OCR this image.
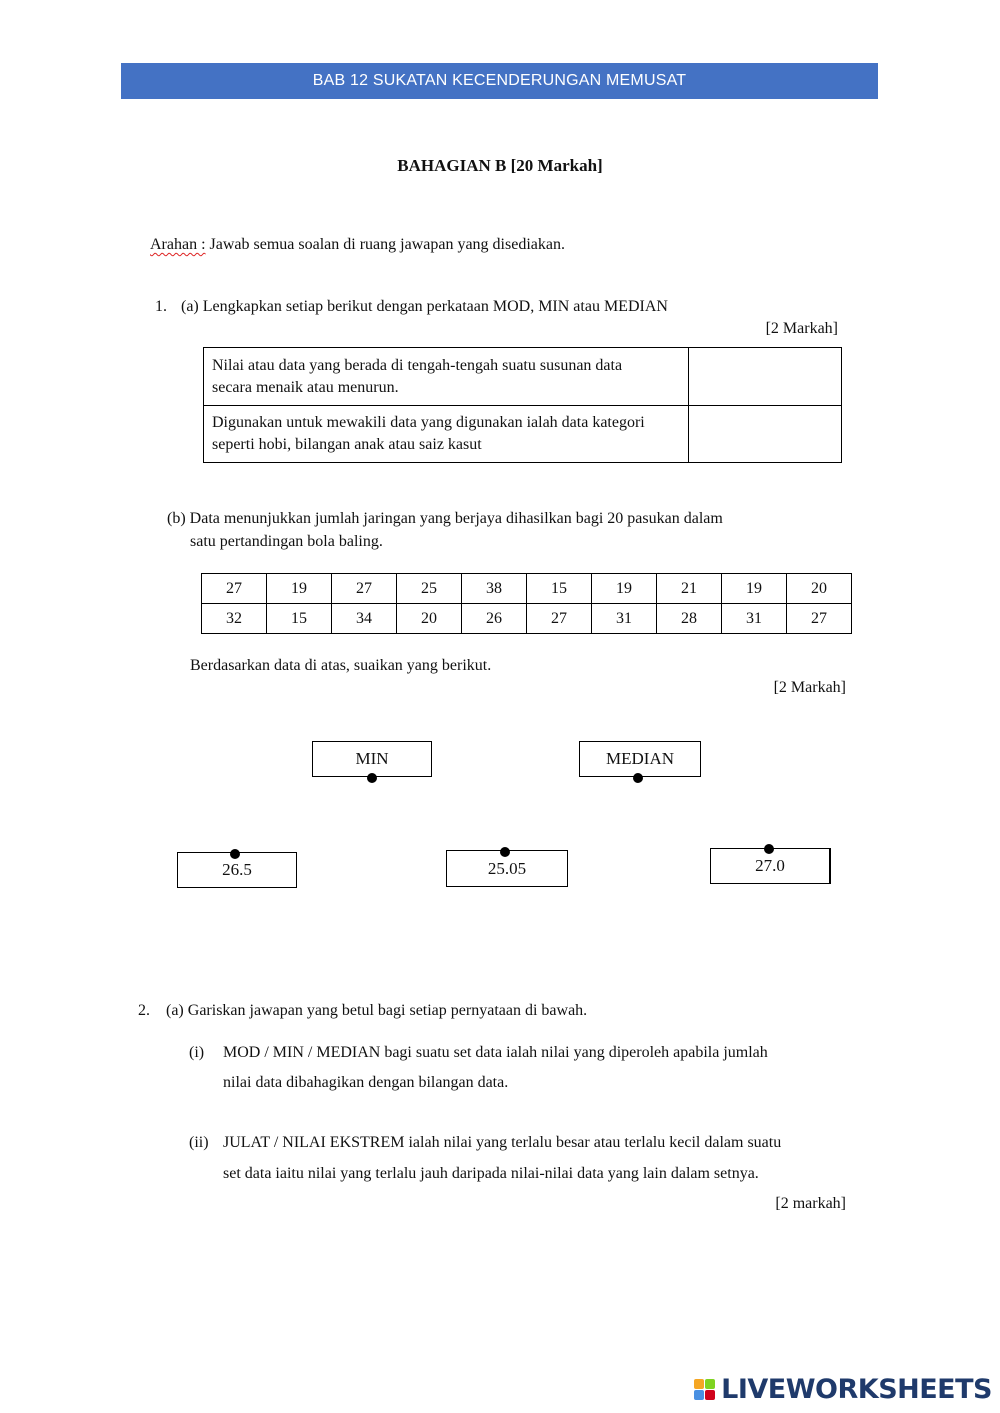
BAB 12 SUKATAN KECENDERUNGAN MEMUSAT
BAHAGIAN B [20 Markah]
Arahan : Jawab semua soalan di ruang jawapan yang disediakan.
1. (a) Lengkapkan setiap berikut dengan perkataan MOD, MIN atau MEDIAN
[2 Markah]
Nilai atau data yang berada di tengah-tengah suatu susunan data
secara menaik atau menurun.	

Digunakan untuk mewakili data yang digunakan ialah data kategori
seperti hobi, bilangan anak atau saiz kasut	

(b) Data menunjukkan jumlah jaringan yang berjaya dihasilkan bagi 20 pasukan dalam
satu pertandingan bola baling.
27	19	27	25	38	15	19	21	19	20
32	15	34	20	26	27	31	28	31	27
Berdasarkan data di atas, suaikan yang berikut.
[2 Markah]
MIN	MEDIAN
26.5	25.05	27.0
2. (a) Gariskan jawapan yang betul bagi setiap pernyataan di bawah.
(i) MOD / MIN / MEDIAN bagi suatu set data ialah nilai yang diperoleh apabila jumlah
nilai data dibahagikan dengan bilangan data.
(ii) JULAT / NILAI EKSTREM ialah nilai yang terlalu besar atau terlalu kecil dalam suatu
set data iaitu nilai yang terlalu jauh daripada nilai-nilai data yang lain dalam setnya.
[2 markah]
LIVEWORKSHEETS
